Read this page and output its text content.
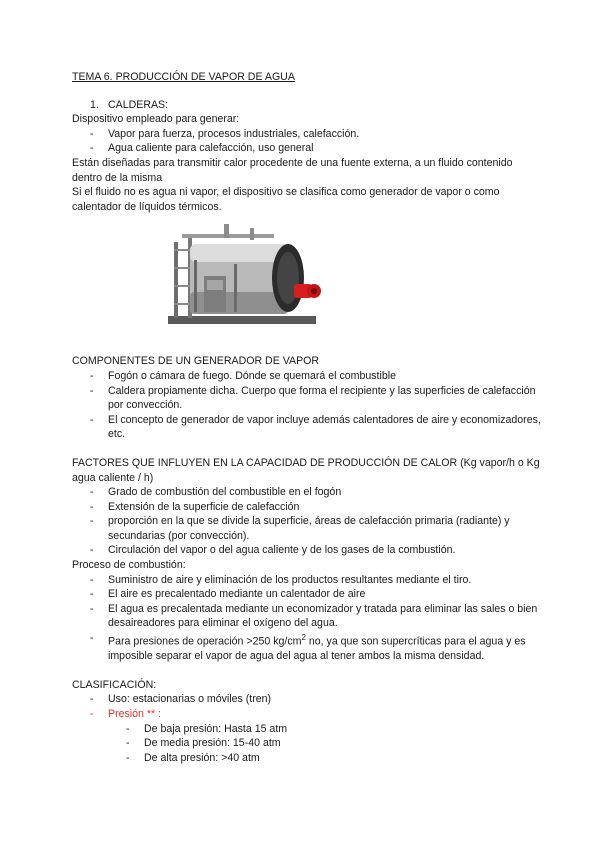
TEMA 6. PRODUCCIÓN DE VAPOR DE AGUA

1. CALDERAS:

Dispositivo empleado para generar:

- Vapor para fuerza, procesos industriales, calefacción.
- Agua caliente para calefacción, uso general

Están diseñadas para transmitir calor procedente de una fuente externa, a un fluido contenido dentro de la misma

Si el fluido no es agua ni vapor, el dispositivo se clasifica como generador de vapor o como calentador de líquidos térmicos.

COMPONENTES DE UN GENERADOR DE VAPOR

- Fogón o cámara de fuego. Dónde se quemará el combustible
- Caldera propiamente dicha. Cuerpo que forma el recipiente y las superficies de calefacción por convección.
- El concepto de generador de vapor incluye además calentadores de aire y economizadores, etc.

FACTORES QUE INFLUYEN EN LA CAPACIDAD DE PRODUCCIÓN DE CALOR (Kg vapor/h o Kg agua caliente / h)

- Grado de combustión del combustible en el fogón
- Extensión de la superficie de calefacción
- proporción en la que se divide la superficie, áreas de calefacción primaria (radiante) y secundarias (por convección).
- Circulación del vapor o del agua caliente y de los gases de la combustión.

Proceso de combustión:

- Suministro de aire y eliminación de los productos resultantes mediante el tiro.
- El aire es precalentado mediante un calentador de aire
- El agua es precalentada mediante un economizador y tratada para eliminar las sales o bien desaireadores para eliminar el oxígeno del agua.
- Para presiones de operación >250 $kg/cm^2$ no, ya que son supercríticas para el agua y es imposible separar el vapor de agua del agua al tener ambos la misma densidad.

CLASIFICACIÓN:

- Uso: estacionarias o móviles (tren)
- Presión ** :
- De baja presión: Hasta 15 atm
- De media presión: 15-40 atm
- De alta presión: >40 atm
